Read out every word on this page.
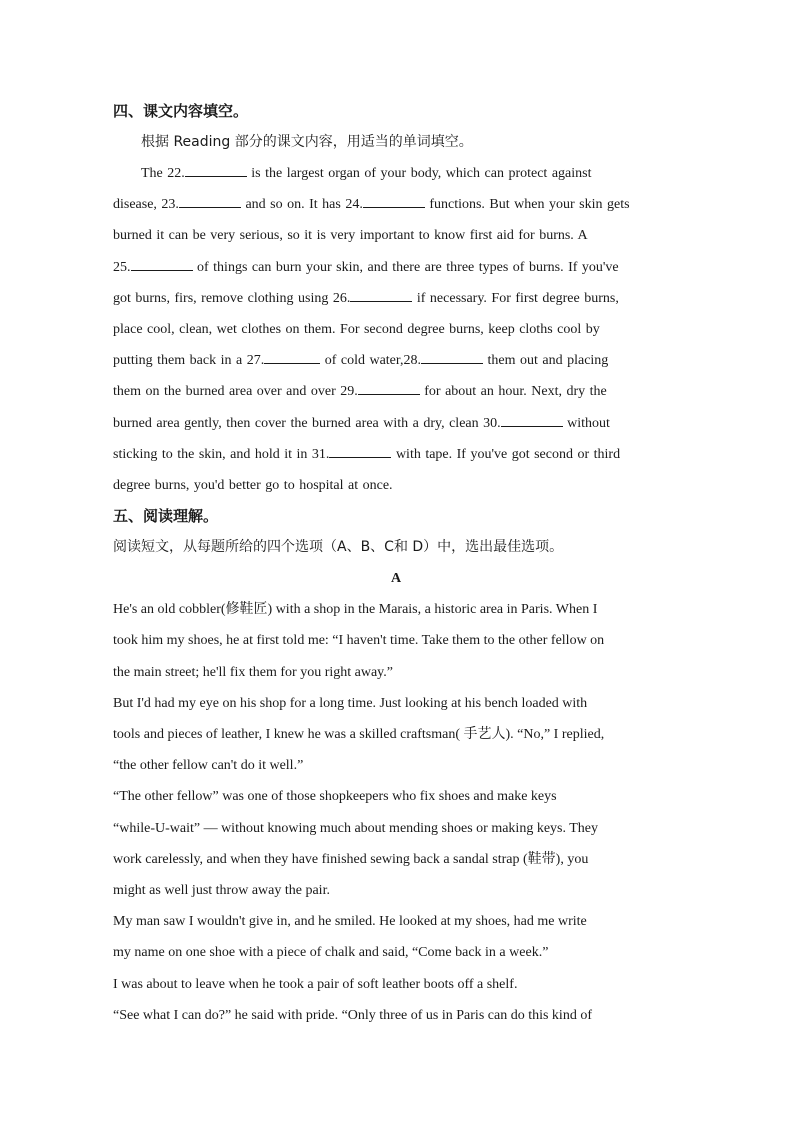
四、课文内容填空。

根据 Reading 部分的课文内容，用适当的单词填空。

The 22.	is the largest organ of your body, which can protect against

disease, 23.	and so on. It has 24.	functions. But when your skin gets

burned it can be very serious, so it is very important to know first aid for burns. A

25.	of things can burn your skin, and there are three types of burns. If you've

got burns, firs, remove clothing using 26.	if necessary. For first degree burns,

place cool, clean, wet clothes on them. For second degree burns, keep cloths cool by

putting them back in a 27.	of cold water,28.	them out and placing

them on the burned area over and over 29.	for about an hour. Next, dry the

burned area gently, then cover the burned area with a dry, clean 30.	without

sticking to the skin, and hold it in 31.	with tape. If you've got second or third

degree burns, you'd better go to hospital at once.

五、阅读理解。

阅读短文，从每题所给的四个选项（A、B、C和 D）中，选出最佳选项。

A

He's an old cobbler(修鞋匠) with a shop in the Marais, a historic area in Paris. When I

took him my shoes, he at first told me: “I haven't time. Take them to the other fellow on

the main street; he'll fix them for you right away.”

But I'd had my eye on his shop for a long time. Just looking at his bench loaded with

tools and pieces of leather, I knew he was a skilled craftsman( 手艺人). “No,” I replied,

“the other fellow can't do it well.”

“The other fellow” was one of those shopkeepers who fix shoes and make keys

“while-U-wait” — without knowing much about mending shoes or making keys. They

work carelessly, and when they have finished sewing back a sandal strap (鞋带), you

might as well just throw away the pair.

My man saw I wouldn't give in, and he smiled. He looked at my shoes, had me write

my name on one shoe with a piece of chalk and said, “Come back in a week.”

I was about to leave when he took a pair of soft leather boots off a shelf.

“See what I can do?” he said with pride. “Only three of us in Paris can do this kind of
